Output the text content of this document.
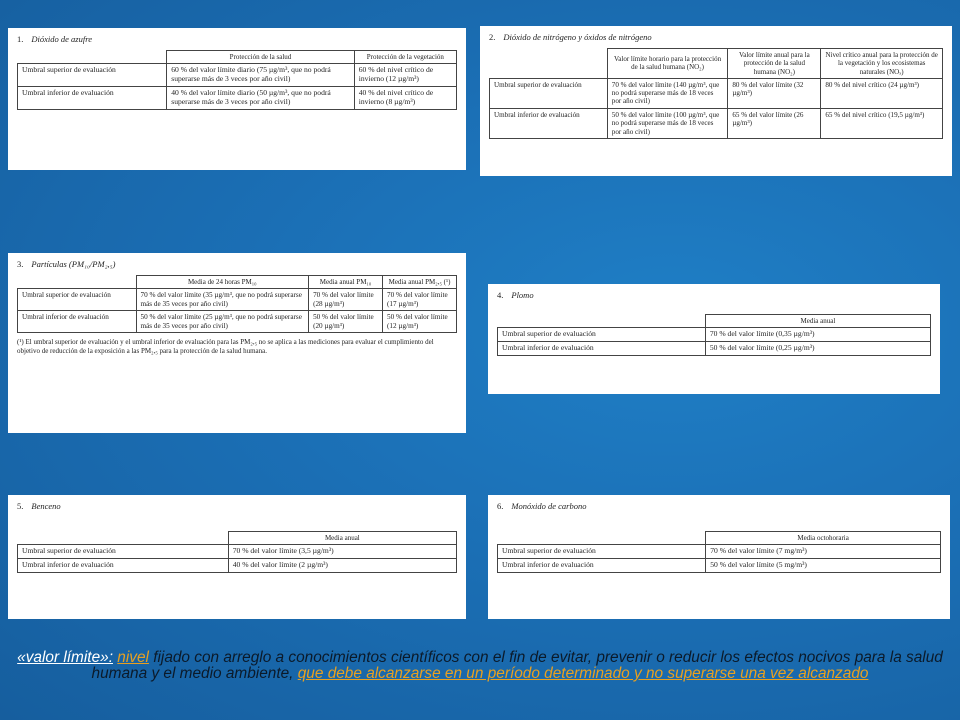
1. Dióxido de azufre
	Protección de la salud	Protección de la vegetación
Umbral superior de evaluación	60 % del valor límite diario (75 µg/m³, que no podrá superarse más de 3 veces por año civil)	60 % del nivel crítico de invierno (12 µg/m³)
Umbral inferior de evaluación	40 % del valor límite diario (50 µg/m³, que no podrá superarse más de 3 veces por año civil)	40 % del nivel crítico de invierno (8 µg/m³)
2. Dióxido de nitrógeno y óxidos de nitrógeno
	Valor límite horario para la protección de la salud humana (NO₂)	Valor límite anual para la protección de la salud humana (NO₂)	Nivel crítico anual para la protección de la vegetación y los ecosistemas naturales (NOₓ)
Umbral superior de evaluación	70 % del valor límite (140 µg/m³, que no podrá superarse más de 18 veces por año civil)	80 % del valor límite (32 µg/m³)	80 % del nivel crítico (24 µg/m³)
Umbral inferior de evaluación	50 % del valor límite (100 µg/m³, que no podrá superarse más de 18 veces por año civil)	65 % del valor límite (26 µg/m³)	65 % del nivel crítico (19,5 µg/m³)
3. Partículas (PM₁₀/PM₂,₅)
	Media de 24 horas PM₁₀	Media anual PM₁₀	Media anual PM₂,₅ (¹)
Umbral superior de evaluación	70 % del valor límite (35 µg/m³, que no podrá superarse más de 35 veces por año civil)	70 % del valor límite (28 µg/m³)	70 % del valor límite (17 µg/m³)
Umbral inferior de evaluación	50 % del valor límite (25 µg/m³, que no podrá superarse más de 35 veces por año civil)	50 % del valor límite (20 µg/m³)	50 % del valor límite (12 µg/m³)
(¹) El umbral superior de evaluación y el umbral inferior de evaluación para las PM₂,₅ no se aplica a las mediciones para evaluar el cumplimiento del objetivo de reducción de la exposición a las PM₂,₅ para la protección de la salud humana.
4. Plomo
	Media anual
Umbral superior de evaluación	70 % del valor límite (0,35 µg/m³)
Umbral inferior de evaluación	50 % del valor límite (0,25 µg/m³)
5. Benceno
	Media anual
Umbral superior de evaluación	70 % del valor límite (3,5 µg/m³)
Umbral inferior de evaluación	40 % del valor límite (2 µg/m³)
6. Monóxido de carbono
	Media octohoraria
Umbral superior de evaluación	70 % del valor límite (7 mg/m³)
Umbral inferior de evaluación	50 % del valor límite (5 mg/m³)
«valor límite»: nivel fijado con arreglo a conocimientos científicos con el fin de evitar, prevenir o reducir los efectos nocivos para la salud humana y el medio ambiente, que debe alcanzarse en un período determinado y no superarse una vez alcanzado
